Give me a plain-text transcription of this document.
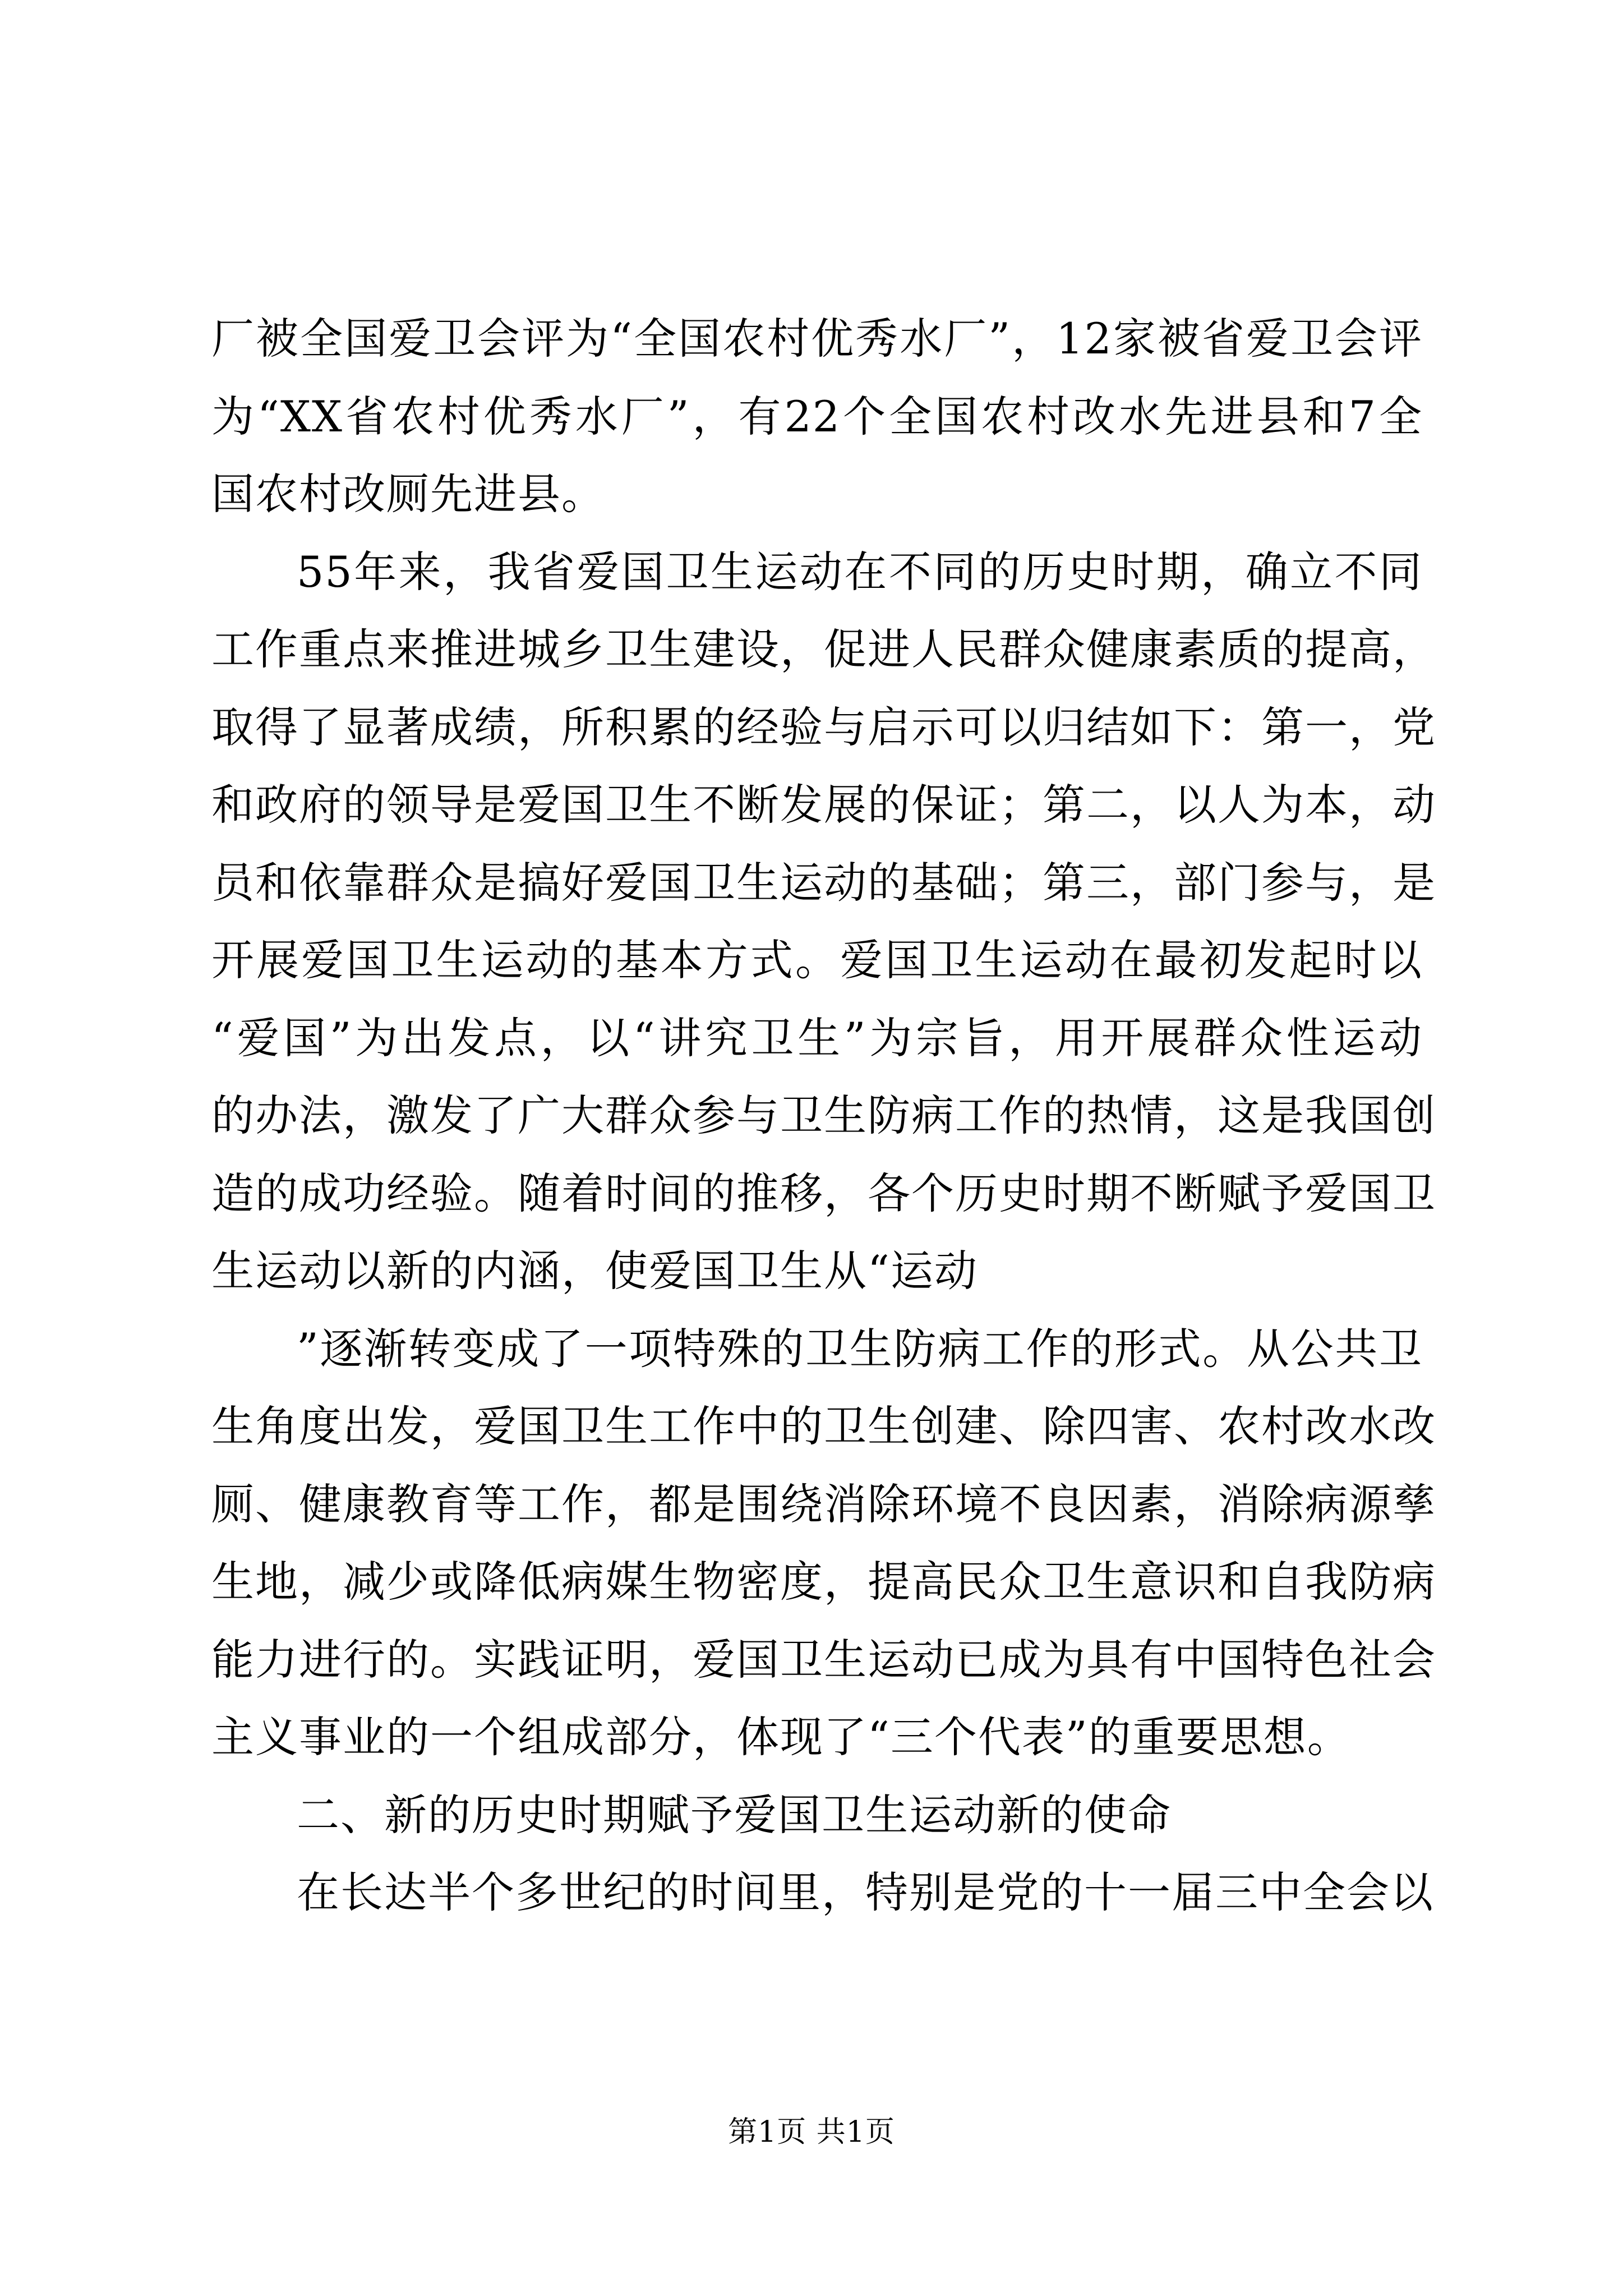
厂被全国爱卫会评为“全国农村优秀水厂”，12家被省爱卫会评
为“XX省农村优秀水厂”，有22个全国农村改水先进县和7全
国农村改厕先进县。
55年来，我省爱国卫生运动在不同的历史时期，确立不同
工作重点来推进城乡卫生建设，促进人民群众健康素质的提高，
取得了显著成绩，所积累的经验与启示可以归结如下：第一，党
和政府的领导是爱国卫生不断发展的保证；第二，以人为本，动
员和依靠群众是搞好爱国卫生运动的基础；第三，部门参与，是
开展爱国卫生运动的基本方式。爱国卫生运动在最初发起时以
“爱国”为出发点，以“讲究卫生”为宗旨，用开展群众性运动
的办法，激发了广大群众参与卫生防病工作的热情，这是我国创
造的成功经验。随着时间的推移，各个历史时期不断赋予爱国卫
生运动以新的内涵，使爱国卫生从“运动
”逐渐转变成了一项特殊的卫生防病工作的形式。从公共卫
生角度出发，爱国卫生工作中的卫生创建、除四害、农村改水改
厕、健康教育等工作，都是围绕消除环境不良因素，消除病源孳
生地，减少或降低病媒生物密度，提高民众卫生意识和自我防病
能力进行的。实践证明，爱国卫生运动已成为具有中国特色社会
主义事业的一个组成部分，体现了“三个代表”的重要思想。
二、新的历史时期赋予爱国卫生运动新的使命
在长达半个多世纪的时间里，特别是党的十一届三中全会以
第1页 共1页
